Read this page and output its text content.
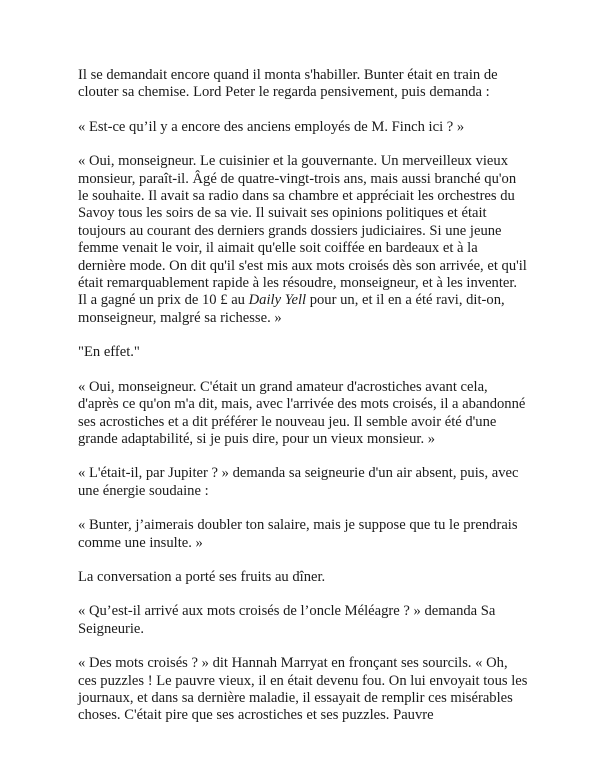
Il se demandait encore quand il monta s'habiller. Bunter était en train de clouter sa chemise. Lord Peter le regarda pensivement, puis demanda :

« Est-ce qu’il y a encore des anciens employés de M. Finch ici ? »

« Oui, monseigneur. Le cuisinier et la gouvernante. Un merveilleux vieux monsieur, paraît-il. Âgé de quatre-vingt-trois ans, mais aussi branché qu'on le souhaite. Il avait sa radio dans sa chambre et appréciait les orchestres du Savoy tous les soirs de sa vie. Il suivait ses opinions politiques et était toujours au courant des derniers grands dossiers judiciaires. Si une jeune femme venait le voir, il aimait qu'elle soit coiffée en bardeaux et à la dernière mode. On dit qu'il s'est mis aux mots croisés dès son arrivée, et qu'il était remarquablement rapide à les résoudre, monseigneur, et à les inventer. Il a gagné un prix de 10 £ au Daily Yell pour un, et il en a été ravi, dit-on, monseigneur, malgré sa richesse. »

"En effet."

« Oui, monseigneur. C'était un grand amateur d'acrostiches avant cela, d'après ce qu'on m'a dit, mais, avec l'arrivée des mots croisés, il a abandonné ses acrostiches et a dit préférer le nouveau jeu. Il semble avoir été d'une grande adaptabilité, si je puis dire, pour un vieux monsieur. »

« L'était-il, par Jupiter ? » demanda sa seigneurie d'un air absent, puis, avec une énergie soudaine :

« Bunter, j’aimerais doubler ton salaire, mais je suppose que tu le prendrais comme une insulte. »

La conversation a porté ses fruits au dîner.

« Qu’est-il arrivé aux mots croisés de l’oncle Méléagre ? » demanda Sa Seigneurie.

« Des mots croisés ? » dit Hannah Marryat en fronçant ses sourcils. « Oh, ces puzzles ! Le pauvre vieux, il en était devenu fou. On lui envoyait tous les journaux, et dans sa dernière maladie, il essayait de remplir ces misérables choses. C'était pire que ses acrostiches et ses puzzles. Pauvre
